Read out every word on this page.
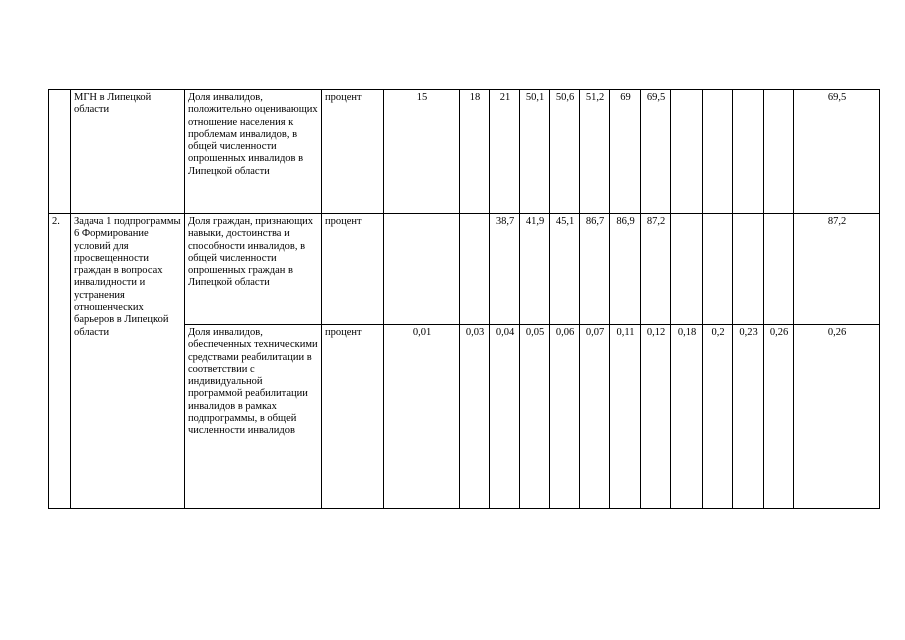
	МГН в Липецкой области	Доля инвалидов, положительно оценивающих отношение населения к проблемам инвалидов, в общей численности опрошенных инвалидов в Липецкой области	процент	15	18	21	50,1	50,6	51,2	69	69,5					69,5
2.	Задача 1 подпрограммы 6 Формирование условий для просвещенности граждан в вопросах инвалидности и устранения отношенческих барьеров в Липецкой области	Доля граждан, признающих навыки, достоинства и способности инвалидов, в общей численности опрошенных граждан в Липецкой области	процент			38,7	41,9	45,1	86,7	86,9	87,2					87,2
		Доля инвалидов, обеспеченных техническими средствами реабилитации в соответствии с индивидуальной программой реабилитации инвалидов в рамках подпрограммы, в общей численности инвалидов	процент	0,01	0,03	0,04	0,05	0,06	0,07	0,11	0,12	0,18	0,2	0,23	0,26	0,26
